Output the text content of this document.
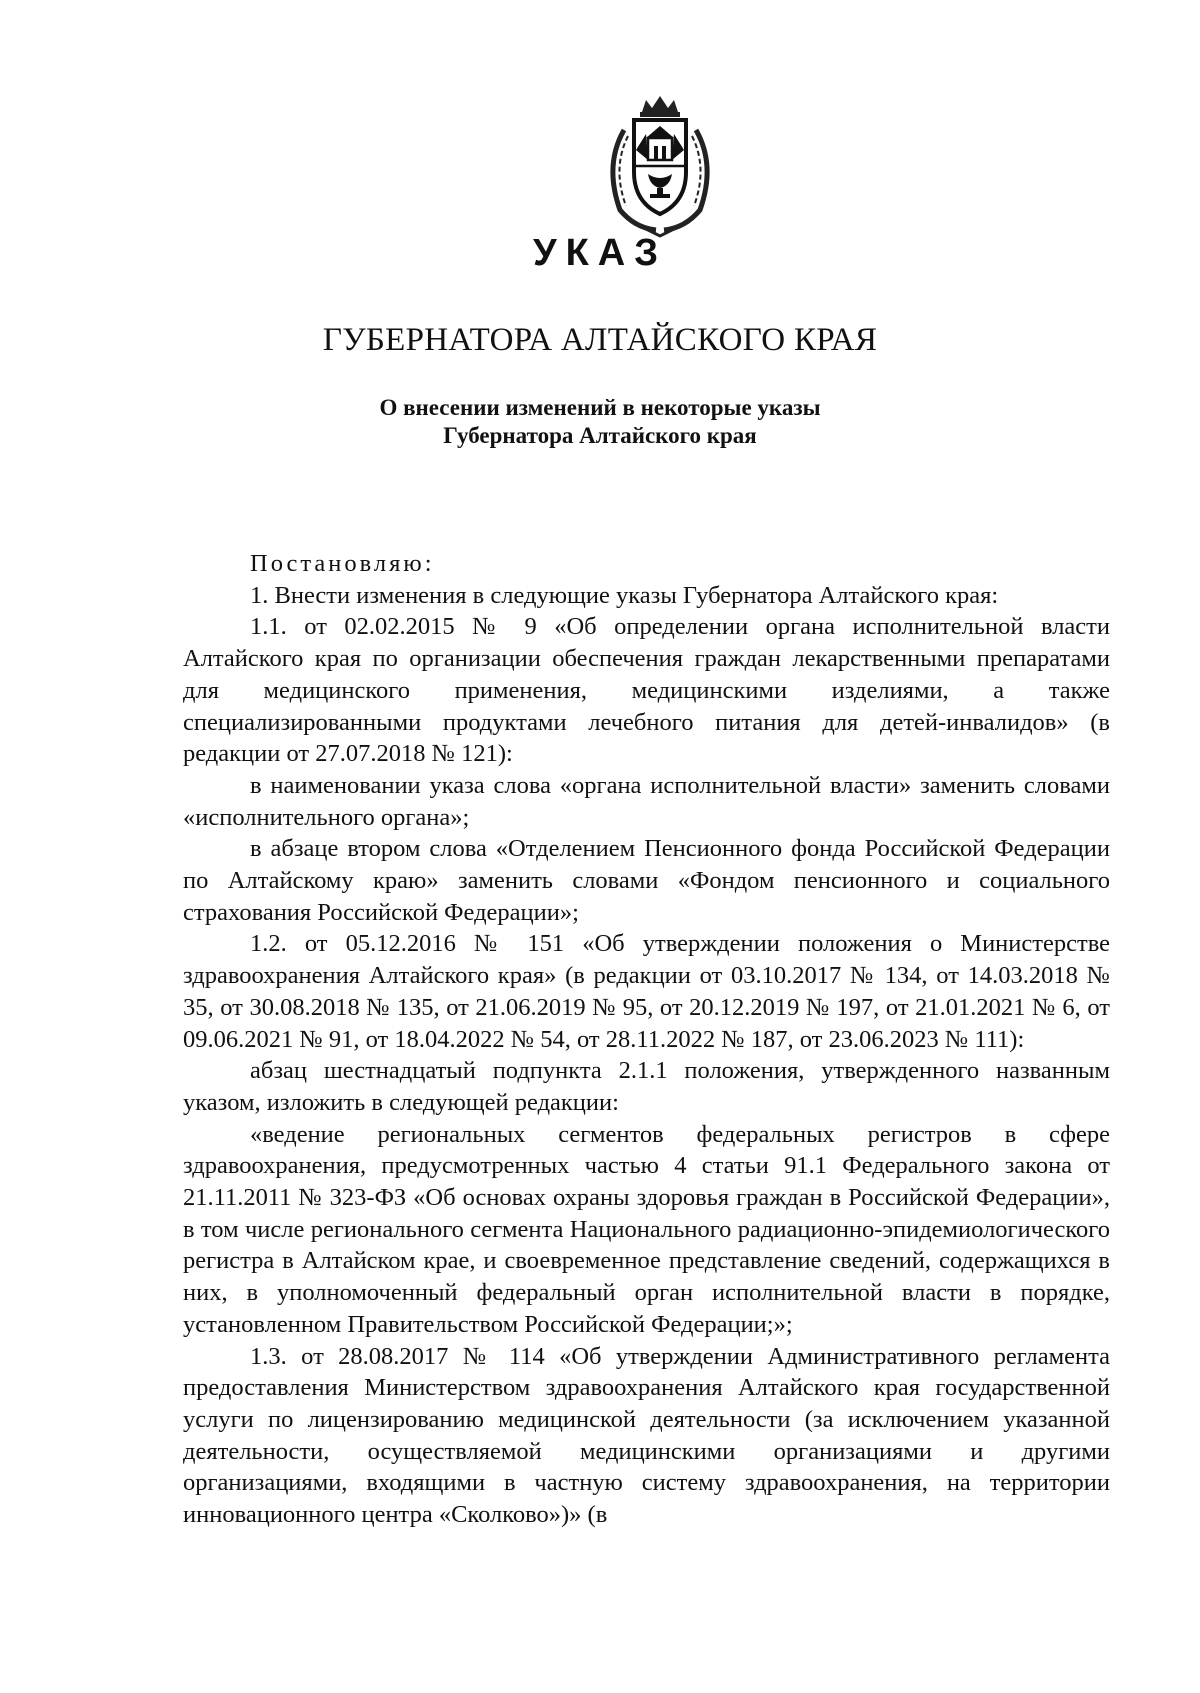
УКАЗ
ГУБЕРНАТОРА АЛТАЙСКОГО КРАЯ
О внесении изменений в некоторые указы
Губернатора Алтайского края

Постановляю:

1. Внести изменения в следующие указы Губернатора Алтайского края:

1.1. от 02.02.2015 № 9 «Об определении органа исполнительной власти Алтайского края по организации обеспечения граждан лекарственными препаратами для медицинского применения, медицинскими изделиями, а также специализированными продуктами лечебного питания для детей-инвалидов» (в редакции от 27.07.2018 № 121):

в наименовании указа слова «органа исполнительной власти» заменить словами «исполнительного органа»;

в абзаце втором слова «Отделением Пенсионного фонда Российской Федерации по Алтайскому краю» заменить словами «Фондом пенсионного и социального страхования Российской Федерации»;

1.2. от 05.12.2016 № 151 «Об утверждении положения о Министерстве здравоохранения Алтайского края» (в редакции от 03.10.2017 № 134, от 14.03.2018 № 35, от 30.08.2018 № 135, от 21.06.2019 № 95, от 20.12.2019 № 197, от 21.01.2021 № 6, от 09.06.2021 № 91, от 18.04.2022 № 54, от 28.11.2022 № 187, от 23.06.2023 № 111):

абзац шестнадцатый подпункта 2.1.1 положения, утвержденного названным указом, изложить в следующей редакции:

«ведение региональных сегментов федеральных регистров в сфере здравоохранения, предусмотренных частью 4 статьи 91.1 Федерального закона от 21.11.2011 № 323-ФЗ «Об основах охраны здоровья граждан в Российской Федерации», в том числе регионального сегмента Национального радиационно-эпидемиологического регистра в Алтайском крае, и своевременное представление сведений, содержащихся в них, в уполномоченный федеральный орган исполнительной власти в порядке, установленном Правительством Российской Федерации;»;

1.3. от 28.08.2017 № 114 «Об утверждении Административного регламента предоставления Министерством здравоохранения Алтайского края государственной услуги по лицензированию медицинской деятельности (за исключением указанной деятельности, осуществляемой медицинскими организациями и другими организациями, входящими в частную систему здравоохранения, на территории инновационного центра «Сколково»)» (в
